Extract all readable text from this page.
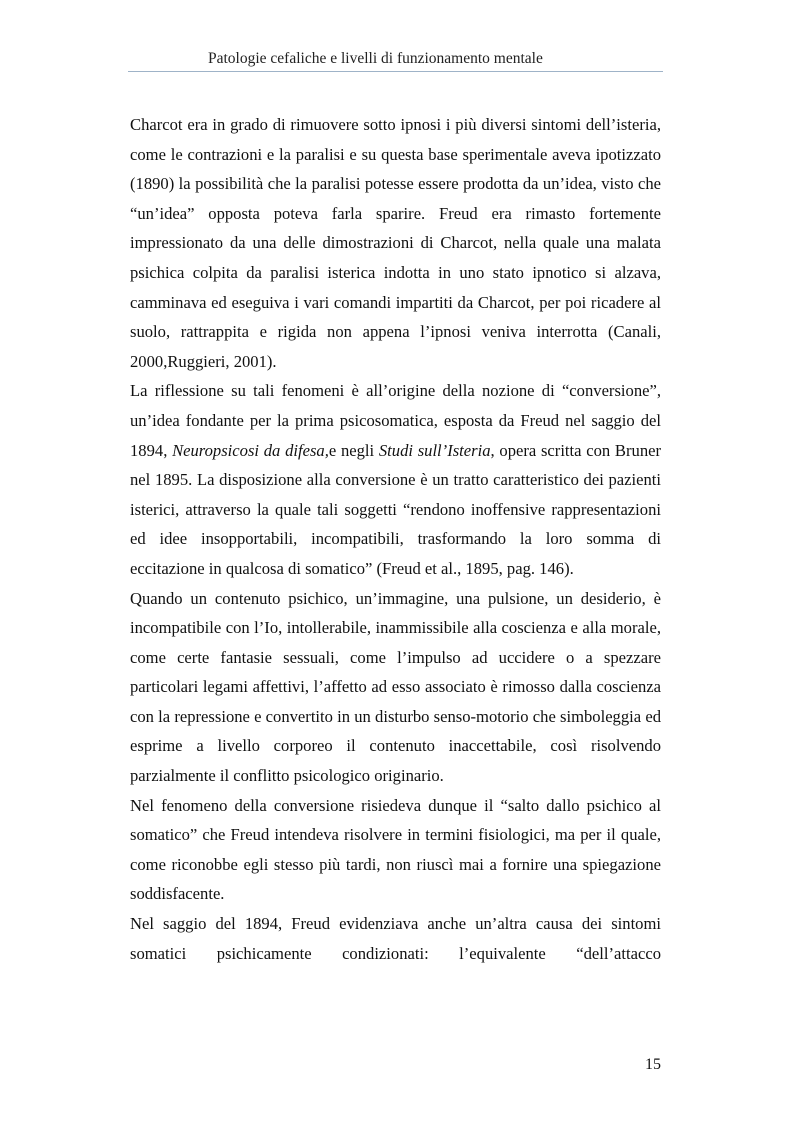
Patologie cefaliche e livelli di funzionamento mentale

Charcot era in grado di rimuovere sotto ipnosi i più diversi sintomi dell’isteria, come le contrazioni e la paralisi e su questa base sperimentale aveva ipotizzato (1890) la possibilità che la paralisi potesse essere prodotta da un’idea, visto che “un’idea” opposta poteva farla sparire. Freud era rimasto fortemente impressionato da una delle dimostrazioni di Charcot, nella quale una malata psichica colpita da paralisi isterica indotta in uno stato ipnotico si alzava, camminava ed eseguiva i vari comandi impartiti da Charcot, per poi ricadere al suolo, rattrappita e rigida non appena l’ipnosi veniva interrotta (Canali, 2000,Ruggieri, 2001).

La riflessione su tali fenomeni è all’origine della nozione di “conversione”, un’idea fondante per la prima psicosomatica, esposta da Freud nel saggio del 1894, Neuropsicosi da difesa,e negli Studi sull’Isteria, opera scritta con Bruner nel 1895. La disposizione alla conversione è un tratto caratteristico dei pazienti isterici, attraverso la quale tali soggetti “rendono inoffensive rappresentazioni ed idee insopportabili, incompatibili, trasformando la loro somma di eccitazione in qualcosa di somatico” (Freud et al., 1895, pag. 146).

Quando un contenuto psichico, un’immagine, una pulsione, un desiderio, è incompatibile con l’Io, intollerabile, inammissibile alla coscienza e alla morale, come certe fantasie sessuali, come l’impulso ad uccidere o a spezzare particolari legami affettivi, l’affetto ad esso associato è rimosso dalla coscienza con la repressione e convertito in un disturbo senso-motorio che simboleggia ed esprime a livello corporeo il contenuto inaccettabile, così risolvendo parzialmente il conflitto psicologico originario.

Nel fenomeno della conversione risiedeva dunque il “salto dallo psichico al somatico” che Freud intendeva risolvere in termini fisiologici, ma per il quale, come riconobbe egli stesso più tardi, non riuscì mai a fornire una spiegazione soddisfacente.

Nel saggio del 1894, Freud evidenziava anche un’altra causa dei sintomi somatici psichicamente condizionati: l’equivalente “dell’attacco

15
